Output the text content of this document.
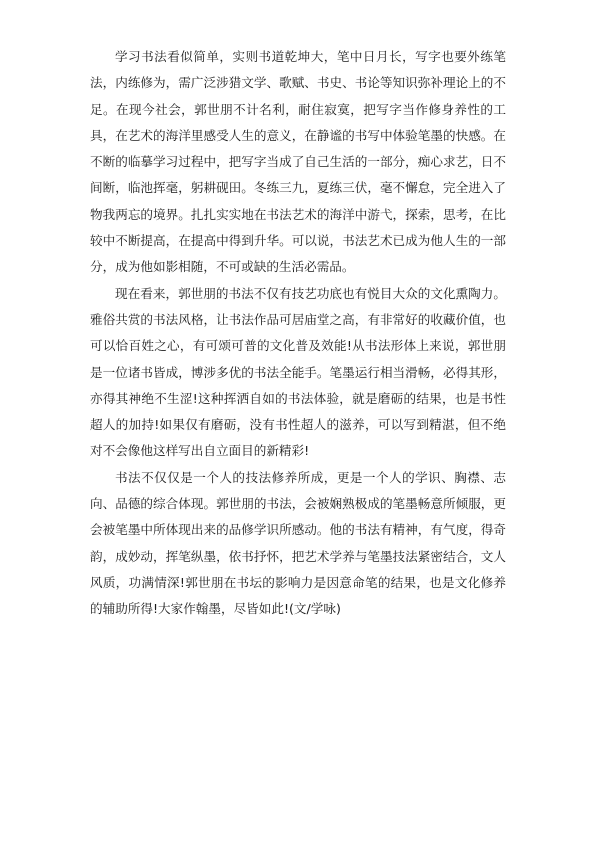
学习书法看似简单，实则书道乾坤大，笔中日月长，写字也要外练笔法，内练修为，需广泛涉猎文学、歌赋、书史、书论等知识弥补理论上的不足。在现今社会，郭世朋不计名利，耐住寂寞，把写字当作修身养性的工具，在艺术的海洋里感受人生的意义，在静谧的书写中体验笔墨的快感。在不断的临摹学习过程中，把写字当成了自己生活的一部分，痴心求艺，日不间断，临池挥毫，躬耕砚田。冬练三九，夏练三伏，毫不懈怠，完全进入了物我两忘的境界。扎扎实实地在书法艺术的海洋中游弋，探索，思考，在比较中不断提高，在提高中得到升华。可以说，书法艺术已成为他人生的一部分，成为他如影相随，不可或缺的生活必需品。

现在看来，郭世朋的书法不仅有技艺功底也有悦目大众的文化熏陶力。雅俗共赏的书法风格，让书法作品可居庙堂之高，有非常好的收藏价值，也可以恰百姓之心，有可颂可普的文化普及效能!从书法形体上来说，郭世朋是一位诸书皆成，博涉多优的书法全能手。笔墨运行相当滑畅，必得其形，亦得其神绝不生涩!这种挥洒自如的书法体验，就是磨砺的结果，也是书性超人的加持!如果仅有磨砺，没有书性超人的滋养，可以写到精湛，但不绝对不会像他这样写出自立面目的新精彩!

书法不仅仅是一个人的技法修养所成，更是一个人的学识、胸襟、志向、品德的综合体现。郭世朋的书法，会被娴熟极成的笔墨畅意所倾服，更会被笔墨中所体现出来的品修学识所感动。他的书法有精神，有气度，得奇韵，成妙动，挥笔纵墨，依书抒怀，把艺术学养与笔墨技法紧密结合，文人风质，功满情深!郭世朋在书坛的影响力是因意命笔的结果，也是文化修养的辅助所得!大家作翰墨，尽皆如此!(文/学咏)
